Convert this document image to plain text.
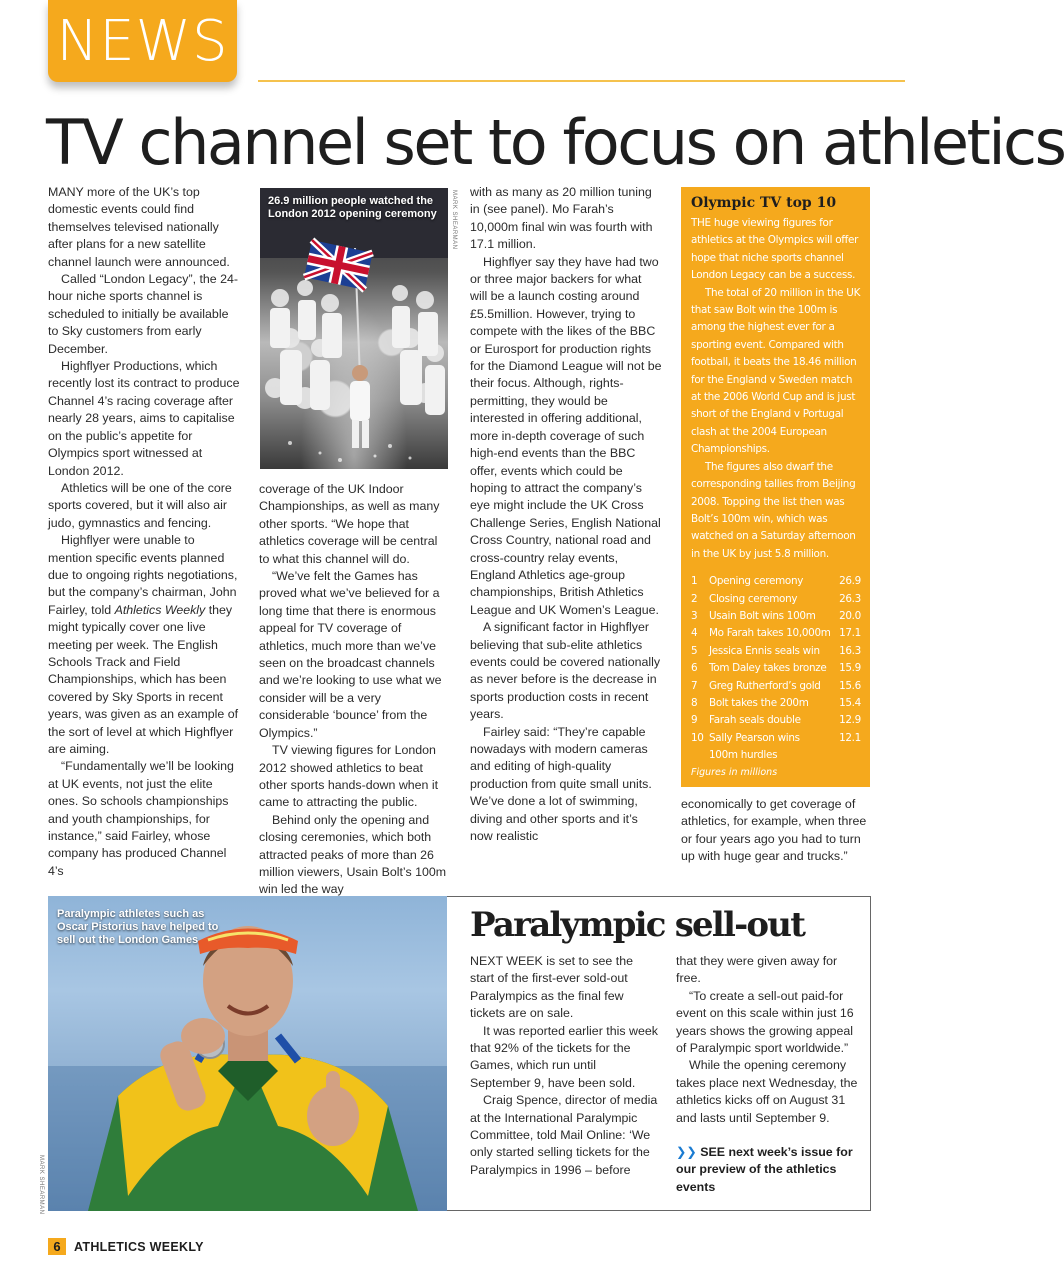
NEWS
TV channel set to focus on athletics

MANY more of the UK’s top domestic events could find themselves televised nationally after plans for a new satellite channel launch were announced.

Called “London Legacy”, the 24-hour niche sports channel is scheduled to initially be available to Sky customers from early December.

Highflyer Productions, which recently lost its contract to produce Channel 4’s racing coverage after nearly 28 years, aims to capitalise on the public’s appetite for Olympics sport witnessed at London 2012.

Athletics will be one of the core sports covered, but it will also air judo, gymnastics and fencing.

Highflyer were unable to mention specific events planned due to ongoing rights negotiations, but the company’s chairman, John Fairley, told Athletics Weekly they might typically cover one live meeting per week. The English Schools Track and Field Championships, which has been covered by Sky Sports in recent years, was given as an example of the sort of level at which Highflyer are aiming.

“Fundamentally we’ll be looking at UK events, not just the elite ones. So schools championships and youth championships, for instance,” said Fairley, whose company has produced Channel 4’s

26.9 million people watched the London 2012 opening ceremony MARK SHEARMAN

coverage of the UK Indoor Championships, as well as many other sports. “We hope that athletics coverage will be central to what this channel will do.

“We’ve felt the Games has proved what we’ve believed for a long time that there is enormous appeal for TV coverage of athletics, much more than we’ve seen on the broadcast channels and we’re looking to use what we consider will be a very considerable ‘bounce’ from the Olympics.”

TV viewing figures for London 2012 showed athletics to beat other sports hands-down when it came to attracting the public.

Behind only the opening and closing ceremonies, which both attracted peaks of more than 26 million viewers, Usain Bolt’s 100m win led the way

with as many as 20 million tuning in (see panel). Mo Farah’s 10,000m final win was fourth with 17.1 million.

Highflyer say they have had two or three major backers for what will be a launch costing around £5.5million. However, trying to compete with the likes of the BBC or Eurosport for production rights for the Diamond League will not be their focus. Although, rights-permitting, they would be interested in offering additional, more in-depth coverage of such high-end events than the BBC offer, events which could be hoping to attract the company’s eye might include the UK Cross Challenge Series, English National Cross Country, national road and cross-country relay events, England Athletics age-group championships, British Athletics League and UK Women’s League.

A significant factor in Highflyer believing that sub-elite athletics events could be covered nationally as never before is the decrease in sports production costs in recent years.

Fairley said: “They’re capable nowadays with modern cameras and editing of high-quality production from quite small units. We’ve done a lot of swimming, diving and other sports and it’s now realistic

Olympic TV top 10

THE huge viewing figures for athletics at the Olympics will offer hope that niche sports channel London Legacy can be a success.

The total of 20 million in the UK that saw Bolt win the 100m is among the highest ever for a sporting event. Compared with football, it beats the 18.46 million for the England v Sweden match at the 2006 World Cup and is just short of the England v Portugal clash at the 2004 European Championships.

The figures also dwarf the corresponding tallies from Beijing 2008. Topping the list then was Bolt’s 100m win, which was watched on a Saturday afternoon in the UK by just 5.8 million.

1 Opening ceremony	26.9
2 Closing ceremony	26.3
3 Usain Bolt wins 100m 20.0
4 Mo Farah takes 10,000m 17.1
5 Jessica Ennis seals win 16.3
6 Tom Daley takes bronze 15.9
7 Greg Rutherford’s gold 15.6
8 Bolt takes the 200m	15.4
9 Farah seals double	12.9
10 Sally Pearson wins 100m hurdles
12.1
Figures in millions

economically to get coverage of athletics, for example, when three or four years ago you had to turn up with huge gear and trucks.”

Paralympic athletes such as Oscar Pistorius have helped to sell out the London Games
MARK SHEARMAN
Paralympic sell-out

NEXT WEEK is set to see the start of the first-ever sold-out Paralympics as the final few tickets are on sale.

It was reported earlier this week that 92% of the tickets for the Games, which run until September 9, have been sold.

Craig Spence, director of media at the International Paralympic Committee, told Mail Online: ‘We only started selling tickets for the Paralympics in 1996 – before

that they were given away for free.

“To create a sell-out paid-for event on this scale within just 16 years shows the growing appeal of Paralympic sport worldwide.”

While the opening ceremony takes place next Wednesday, the athletics kicks off on August 31 and lasts until September 9.

❯❯ SEE next week’s issue for our preview of the athletics events
6	ATHLETICS WEEKLY
